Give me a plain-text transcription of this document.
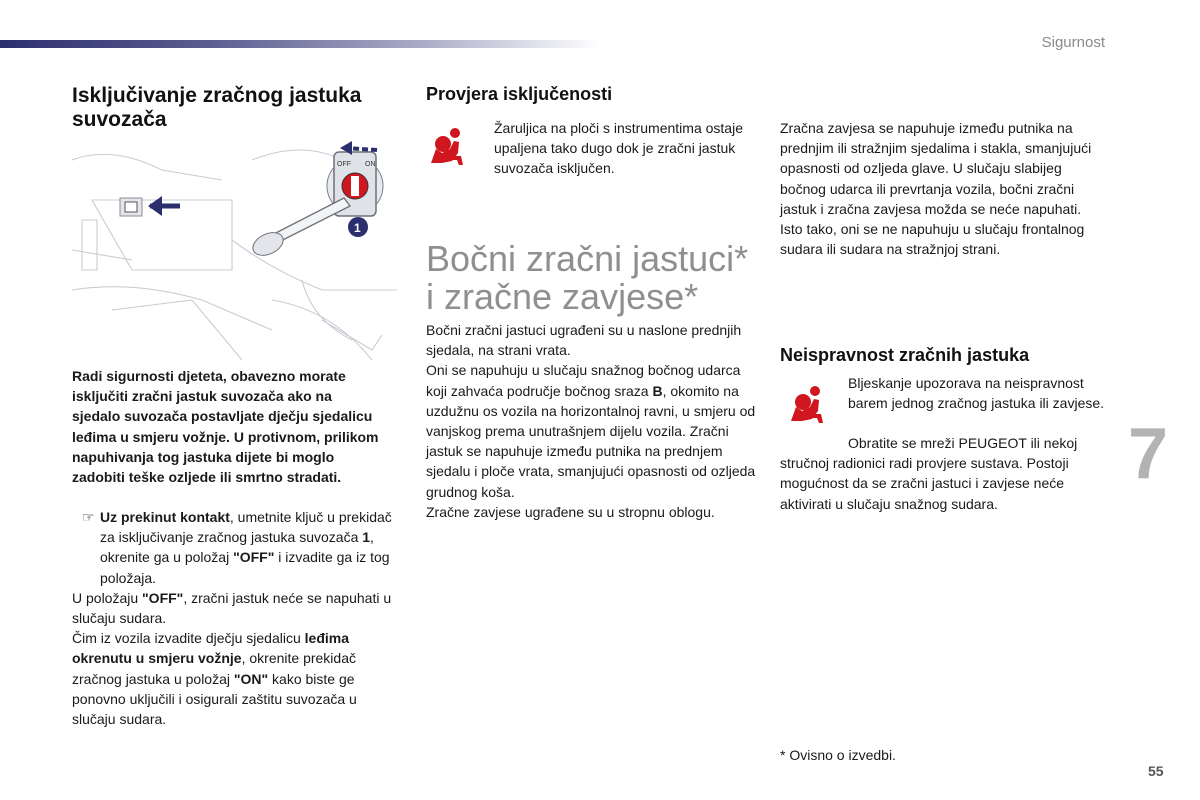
Sigurnost
Isključivanje zračnog jastuka suvozača
OFF ON
1

Radi sigurnosti djeteta, obavezno morate isključiti zračni jastuk suvozača ako na sjedalo suvozača postavljate dječju sjedalicu leđima u smjeru vožnje. U protivnom, prilikom napuhivanja tog jastuka dijete bi moglo zadobiti teške ozljede ili smrtno stradati.

☞ Uz prekinut kontakt, umetnite ključ u prekidač za isključivanje zračnog jastuka suvozača 1, okrenite ga u položaj "OFF" i izvadite ga iz tog položaja.

U položaju "OFF", zračni jastuk neće se napuhati u slučaju sudara.

Čim iz vozila izvadite dječju sjedalicu leđima okrenutu u smjeru vožnje, okrenite prekidač zračnog jastuka u položaj "ON" kako biste ge ponovno uključili i osigurali zaštitu suvozača u slučaju sudara.

Provjera isključenosti

Žaruljica na ploči s instrumentima ostaje upaljena tako dugo dok je zračni jastuk suvozača isključen.

Bočni zračni jastuci*
i zračne zavjese*

Bočni zračni jastuci ugrađeni su u naslone prednjih sjedala, na strani vrata.

Oni se napuhuju u slučaju snažnog bočnog udarca koji zahvaća područje bočnog sraza B, okomito na uzdužnu os vozila na horizontalnoj ravni, u smjeru od vanjskog prema unutrašnjem dijelu vozila. Zračni jastuk se napuhuje između putnika na prednjem sjedalu i ploče vrata, smanjujući opasnosti od ozljeda grudnog koša.

Zračne zavjese ugrađene su u stropnu oblogu.

Zračna zavjesa se napuhuje između putnika na prednjim ili stražnjim sjedalima i stakla, smanjujući opasnosti od ozljeda glave. U slučaju slabijeg bočnog udarca ili prevrtanja vozila, bočni zračni jastuk i zračna zavjesa možda se neće napuhati. Isto tako, oni se ne napuhuju u slučaju frontalnog sudara ili sudara na stražnjoj strani.

Neispravnost zračnih jastuka

Bljeskanje upozorava na neispravnost barem jednog zračnog jastuka ili zavjese.

Obratite se mreži PEUGEOT ili nekoj stručnoj radionici radi provjere sustava. Postoji mogućnost da se zračni jastuci i zavjese neće aktivirati u slučaju snažnog sudara.

7

* Ovisno o izvedbi.

55
